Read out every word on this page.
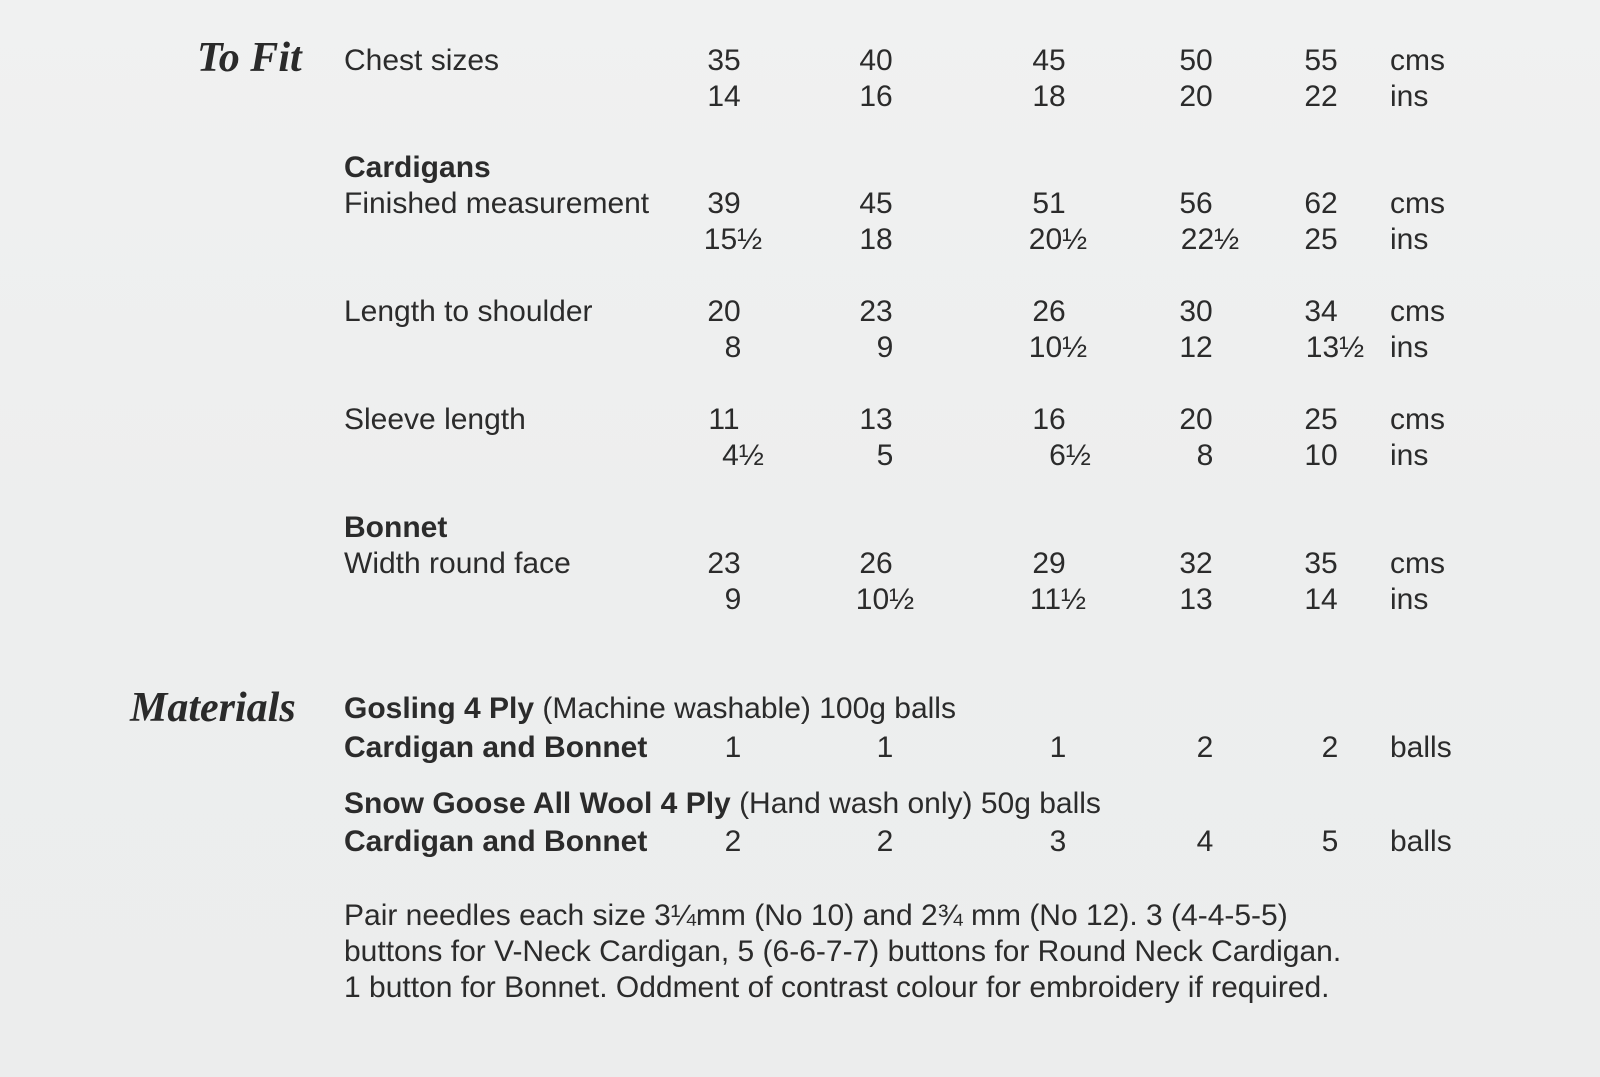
To Fit
Materials
Chest sizes	35	40	45	50	55	cms
14	16	18	20	22	ins
Cardigans
Finished measurement	39	45	51	56	62	cms
15½	18	20½	22½	25	ins
Length to shoulder	20	23	26	30	34	cms
8	9	10½	12	13½ ins
Sleeve length	11	13	16	20	25	cms
4½	5	6½	8	10	ins
Bonnet
Width round face	23	26	29	32	35	cms
9	10½	11½	13	14	ins
Gosling 4 Ply (Machine washable) 100g balls
Cardigan and Bonnet	1	1	1	2	2	balls
Snow Goose All Wool 4 Ply (Hand wash only) 50g balls
Cardigan and Bonnet	2	2	3	4	5	balls
Pair needles each size 3¼mm (No 10) and 2¾ mm (No 12). 3 (4-4-5-5)
buttons for V-Neck Cardigan, 5 (6-6-7-7) buttons for Round Neck Cardigan.
1 button for Bonnet. Oddment of contrast colour for embroidery if required.
